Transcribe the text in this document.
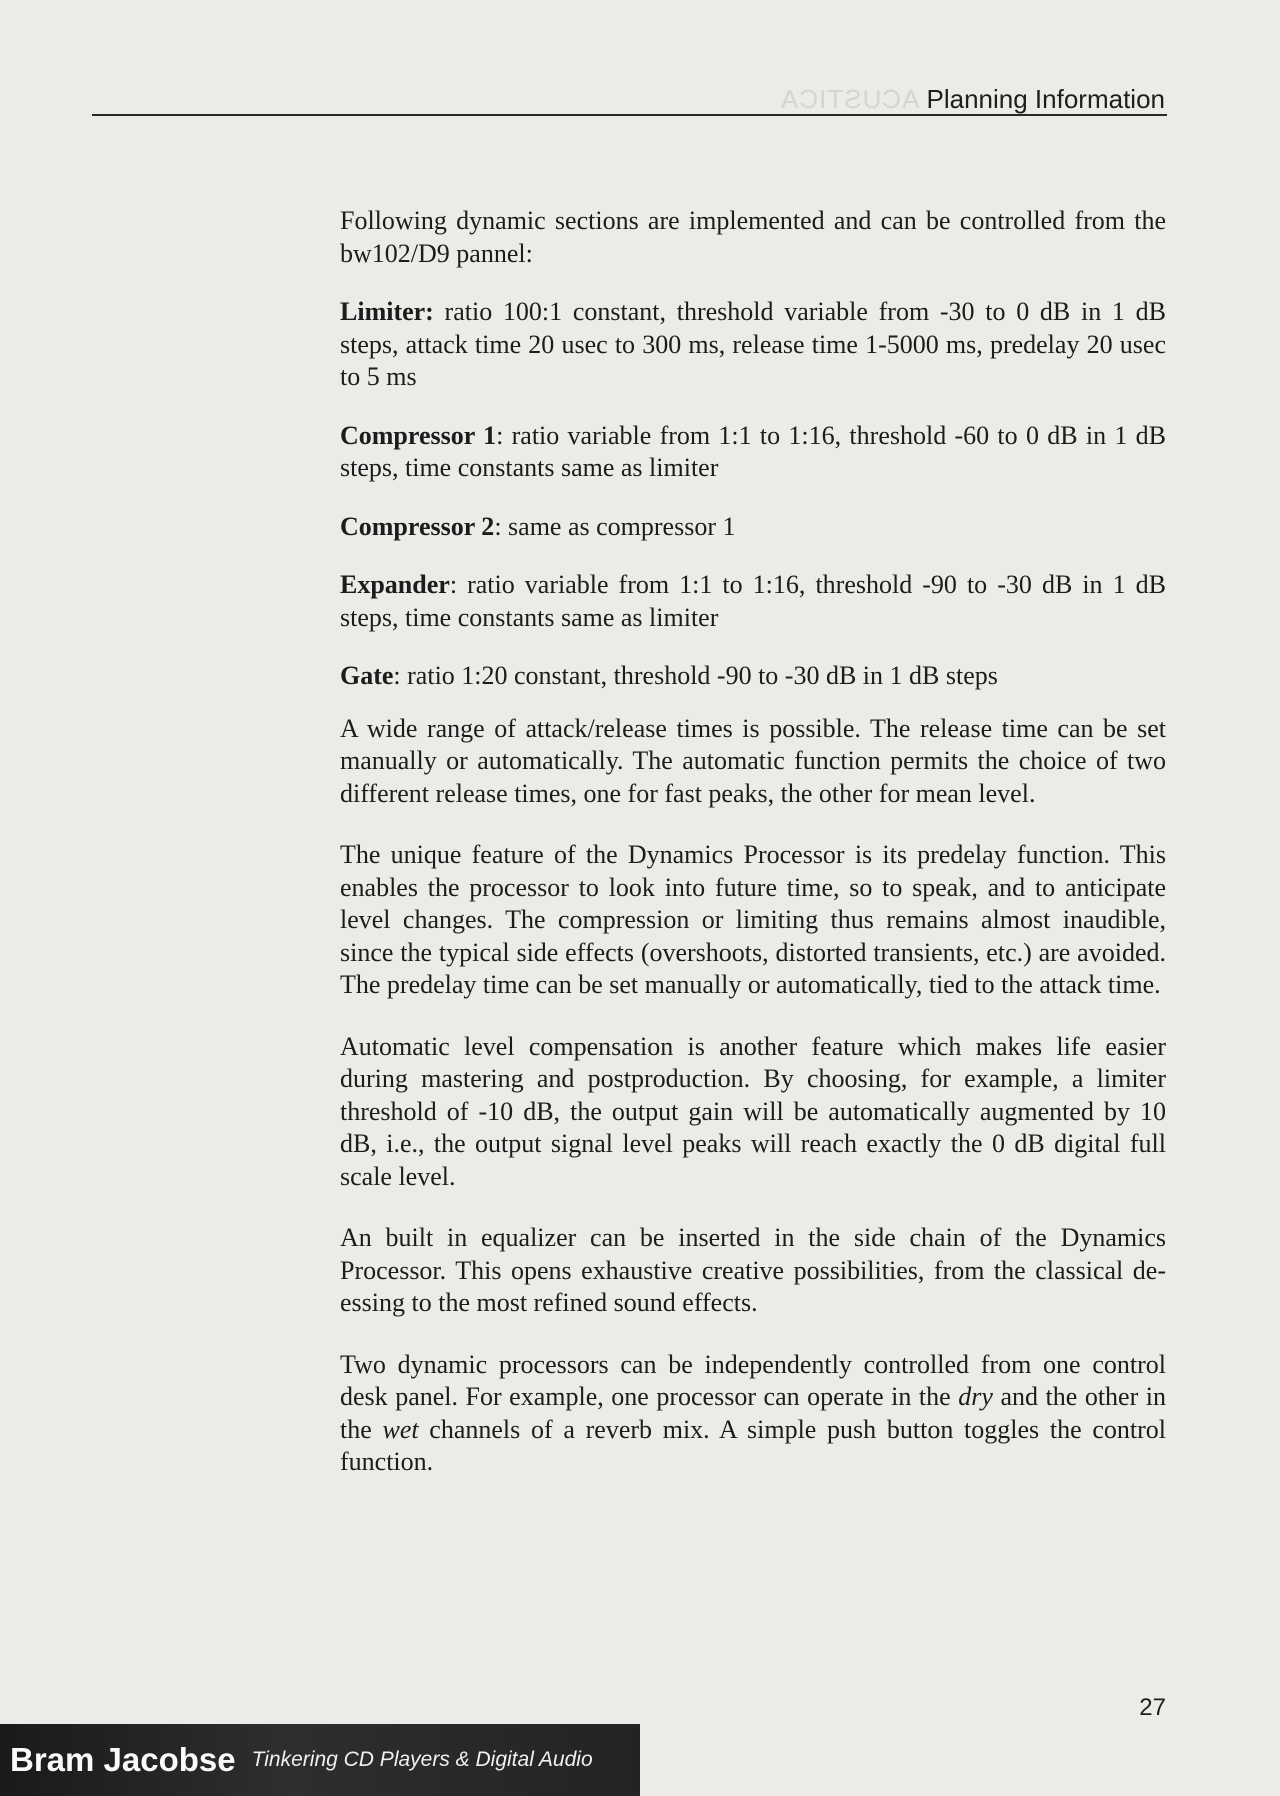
ACUSTICA Planning Information

Following dynamic sections are implemented and can be controlled from the bw102/D9 pannel:

Limiter: ratio 100:1 constant, threshold variable from -30 to 0 dB in 1 dB steps, attack time 20 usec to 300 ms, release time 1-5000 ms, predelay 20 usec to 5 ms

Compressor 1: ratio variable from 1:1 to 1:16, threshold -60 to 0 dB in 1 dB steps, time constants same as limiter

Compressor 2: same as compressor 1

Expander: ratio variable from 1:1 to 1:16, threshold -90 to -30 dB in 1 dB steps, time constants same as limiter

Gate: ratio 1:20 constant, threshold -90 to -30 dB in 1 dB steps

A wide range of attack/release times is possible. The release time can be set manually or automatically. The automatic function permits the choice of two different release times, one for fast peaks, the other for mean level.

The unique feature of the Dynamics Processor is its predelay function. This enables the processor to look into future time, so to speak, and to anticipate level changes. The compression or limiting thus remains almost inaudible, since the typical side effects (overshoots, distorted transients, etc.) are avoided. The predelay time can be set manually or automatically, tied to the attack time.

Automatic level compensation is another feature which makes life easier during mastering and postproduction. By choosing, for example, a limiter threshold of -10 dB, the output gain will be automatically augmented by 10 dB, i.e., the output signal level peaks will reach exactly the 0 dB digital full scale level.

An built in equalizer can be inserted in the side chain of the Dynamics Processor. This opens exhaustive creative possibilities, from the classical de-essing to the most refined sound effects.

Two dynamic processors can be independently controlled from one control desk panel. For example, one processor can operate in the dry and the other in the wet channels of a reverb mix. A simple push button toggles the control function.

27
Bram Jacobse Tinkering CD Players & Digital Audio
